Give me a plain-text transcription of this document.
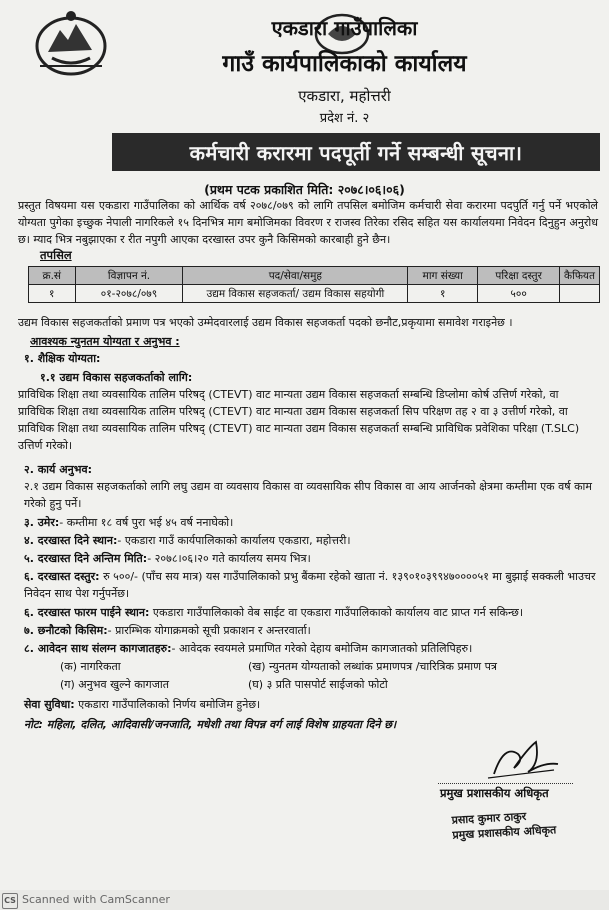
एकडारा गाउँपालिका
गाउँ कार्यपालिकाको कार्यालय
एकडारा, महोत्तरी
प्रदेश नं. २
कर्मचारी करारमा पदपूर्ती गर्ने सम्बन्धी सूचना।
(प्रथम पटक प्रकाशित मिति: २०७८।०६।०६)
प्रस्तुत विषयमा यस एकडारा गाउँपालिका को आर्थिक वर्ष २०७८/०७९ को लागि तपसिल बमोजिम कर्मचारी सेवा करारमा पदपुर्ति गर्नु पर्ने भएकोले योग्यता पुगेका इच्छुक नेपाली नागरिकले १५ दिनभित्र माग बमोजिमका विवरण र राजस्व तिरेका रसिद सहित यस कार्यालयमा निवेदन दिनुहुन अनुरोध छ। म्याद भित्र नबुझाएका र रीत नपुगी आएका दरखास्त उपर कुनै किसिमको कारबाही हुने छैन।
तपसिल
क्र.सं	विज्ञापन नं.	पद/सेवा/समुह	माग संख्या	परिक्षा दस्तुर	कैफियत
१	०१-२०७८/०७९	उद्यम विकास सहजकर्ता/ उद्यम विकास सहयोगी	१	५००	
उद्यम विकास सहजकर्ताको प्रमाण पत्र भएको उम्मेदवारलाई उद्यम विकास सहजकर्ता पदको छनौट,प्रकृयामा समावेश गराइनेछ ।
आवश्यक न्युनतम योग्यता र अनुभव :
१. शैक्षिक योग्यता:
१.१ उद्यम विकास सहजकर्ताको लागि:
प्राविधिक शिक्षा तथा व्यवसायिक तालिम परिषद् (CTEVT) वाट मान्यता उद्यम विकास सहजकर्ता सम्बन्धि डिप्लोमा कोर्ष उत्तिर्ण गरेको, वा
प्राविधिक शिक्षा तथा व्यवसायिक तालिम परिषद् (CTEVT) वाट मान्यता उद्यम विकास सहजकर्ता सिप परिक्षण तह २ वा ३ उत्तीर्ण गरेको, वा
प्राविधिक शिक्षा तथा व्यवसायिक तालिम परिषद् (CTEVT) वाट मान्यता उद्यम विकास सहजकर्ता सम्बन्धि प्राविधिक प्रवेशिका परिक्षा (T.SLC) उत्तिर्ण गरेको।
२. कार्य अनुभव:
२.१ उद्यम विकास सहजकर्ताको लागि लघु उद्यम वा व्यवसाय विकास वा व्यवसायिक सीप विकास वा आय आर्जनको क्षेत्रमा कम्तीमा एक वर्ष काम गरेको हुनु पर्ने।
३. उमेर:- कम्तीमा १८ वर्ष पुरा भई ४५ वर्ष ननाघेको।
४. दरखास्त दिने स्थान:- एकडारा गाउँ कार्यपालिकाको कार्यालय एकडारा, महोत्तरी।
५. दरखास्त दिने अन्तिम मिति:- २०७८।०६।२० गते कार्यालय समय भित्र।
६. दरखास्त दस्तुर: रु ५००/- (पाँच सय मात्र) यस गाउँपालिकाको प्रभु बैंकमा रहेको खाता नं. १३९०१०३९९४७००००५१ मा बुझाई सक्कली भाउचर निवेदन साथ पेश गर्नुपर्नेछ।
६. दरखास्त फारम पाईने स्थान: एकडारा गाउँपालिकाको वेब साईट वा एकडारा गाउँपालिकाको कार्यालय वाट प्राप्त गर्न सकिन्छ।
७. छनौटको किसिम:- प्रारम्भिक योगाक्रमको सूची प्रकाशन र अन्तरवार्ता।
८. आवेदन साथ संलग्न कागजातहरु:- आवेदक स्वयमले प्रमाणित गरेको देहाय बमोजिम कागजातको प्रतिलिपिहरु।
(क) नागरिकता	(ख) न्युनतम योग्यताको लब्धांक प्रमाणपत्र /चारित्रिक प्रमाण पत्र
(ग) अनुभव खुल्ने कागजात	(घ) ३ प्रति पासपोर्ट साईजको फोटो
सेवा सुविधा: एकडारा गाउँपालिकाको निर्णय बमोजिम हुनेछ।
नोट: महिला, दलित, आदिवासी/जनजाति, मधेशी तथा विपन्न वर्ग लाई विशेष ग्राहयता दिने छ।
प्रमुख प्रशासकीय अधिकृत
प्रसाद कुमार ठाकुर
प्रमुख प्रशासकीय अधिकृत
CS Scanned with CamScanner
